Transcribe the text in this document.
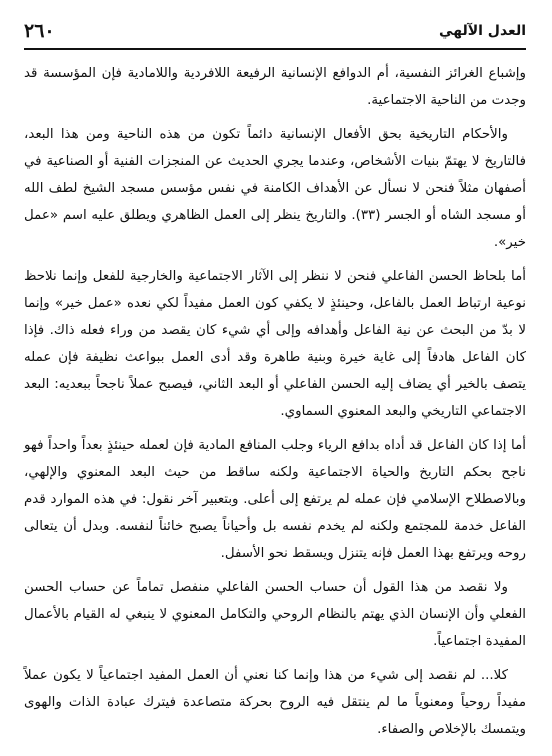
العدل الآلهي
٢٦٠

وإشباع الغرائز النفسية، أم الدوافع الإنسانية الرفيعة اللافردية واللامادية فإن المؤسسة قد وجدت من الناحية الاجتماعية.

والأحكام التاريخية بحق الأفعال الإنسانية دائماً تكون من هذه الناحية ومن هذا البعد، فالتاريخ لا يهتمّ بنيات الأشخاص، وعندما يجري الحديث عن المنجزات الفنية أو الصناعية في أصفهان مثلاً فنحن لا نسأل عن الأهداف الكامنة في نفس مؤسس مسجد الشيخ لطف الله أو مسجد الشاه أو الجسر (٣٣). والتاريخ ينظر إلى العمل الظاهري ويطلق عليه اسم «عمل خير».

أما بلحاظ الحسن الفاعلي فنحن لا ننظر إلى الآثار الاجتماعية والخارجية للفعل وإنما نلاحظ نوعية ارتباط العمل بالفاعل، وحينئذٍ لا يكفي كون العمل مفيداً لكي نعده «عمل خير» وإنما لا بدّ من البحث عن نية الفاعل وأهدافه وإلى أي شيء كان يقصد من وراء فعله ذاك. فإذا كان الفاعل هادفاً إلى غاية خيرة وبنية طاهرة وقد أدى العمل ببواعث نظيفة فإن عمله يتصف بالخير أي يضاف إليه الحسن الفاعلي أو البعد الثاني، فيصبح عملاً ناجحاً ببعديه: البعد الاجتماعي التاريخي والبعد المعنوي السماوي.

أما إذا كان الفاعل قد أداه بدافع الرياء وجلب المنافع المادية فإن لعمله حينئذٍ بعداً واحداً فهو ناجح بحكم التاريخ والحياة الاجتماعية ولكنه ساقط من حيث البعد المعنوي والإلهي، وبالاصطلاح الإسلامي فإن عمله لم يرتفع إلى أعلى. وبتعبير آخر نقول: في هذه الموارد قدم الفاعل خدمة للمجتمع ولكنه لم يخدم نفسه بل وأحياناً يصبح خائناً لنفسه. وبدل أن يتعالى روحه ويرتفع بهذا العمل فإنه يتنزل ويسقط نحو الأسفل.

ولا نقصد من هذا القول أن حساب الحسن الفاعلي منفصل تماماً عن حساب الحسن الفعلي وأن الإنسان الذي يهتم بالنظام الروحي والتكامل المعنوي لا ينبغي له القيام بالأعمال المفيدة اجتماعياً.

كلا... لم نقصد إلى شيء من هذا وإنما كنا نعني أن العمل المفيد اجتماعياً لا يكون عملاً مفيداً روحياً ومعنوياً ما لم ينتقل فيه الروح بحركة متصاعدة فيترك عبادة الذات والهوى ويتمسك بالإخلاص والصفاء.
